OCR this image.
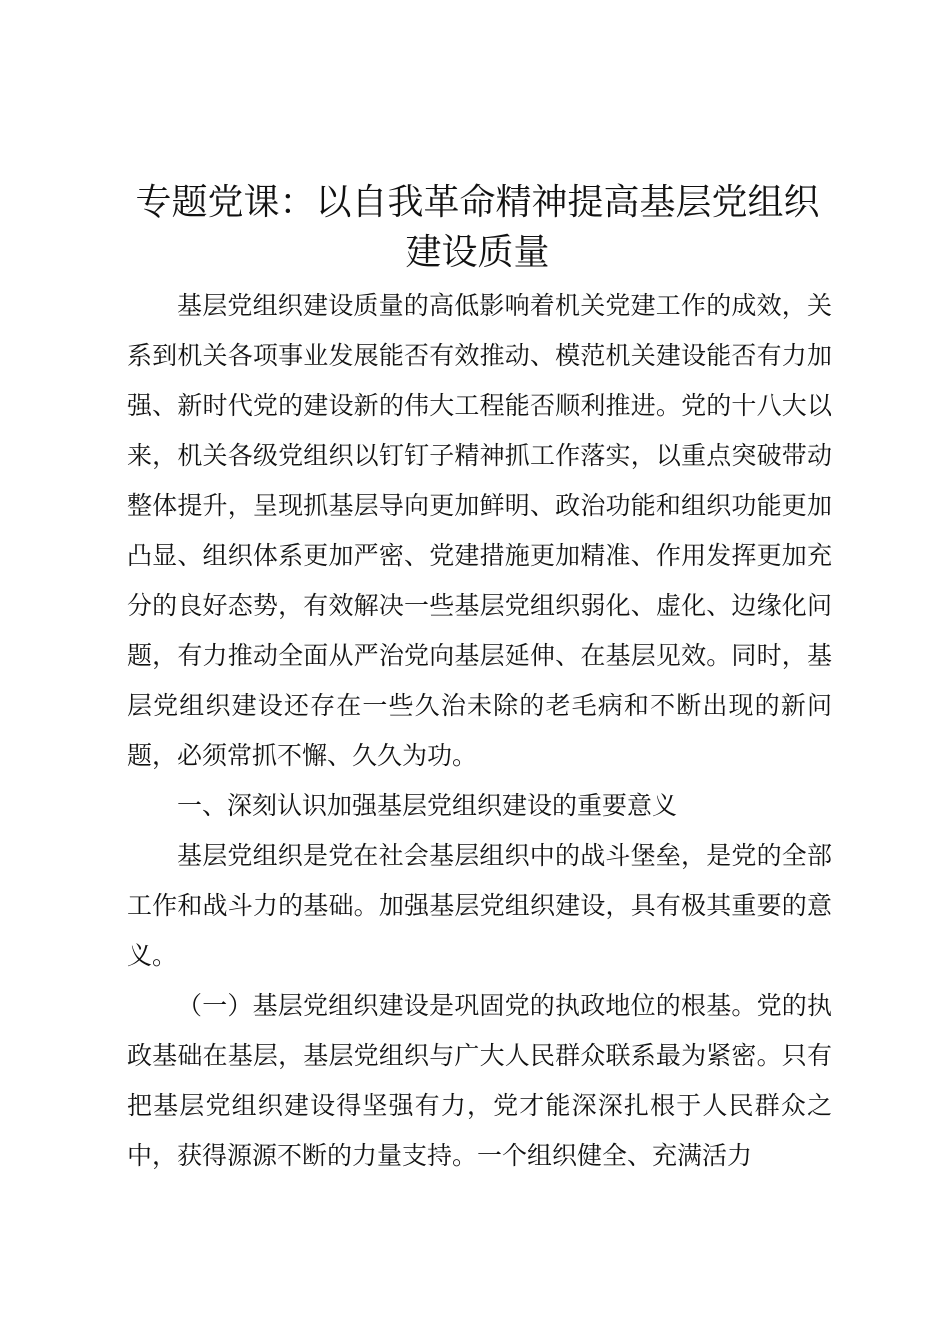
专题党课：以自我革命精神提高基层党组织建设质量

基层党组织建设质量的高低影响着机关党建工作的成效，关系到机关各项事业发展能否有效推动、模范机关建设能否有力加强、新时代党的建设新的伟大工程能否顺利推进。党的十八大以来，机关各级党组织以钉钉子精神抓工作落实，以重点突破带动整体提升，呈现抓基层导向更加鲜明、政治功能和组织功能更加凸显、组织体系更加严密、党建措施更加精准、作用发挥更加充分的良好态势，有效解决一些基层党组织弱化、虚化、边缘化问题，有力推动全面从严治党向基层延伸、在基层见效。同时，基层党组织建设还存在一些久治未除的老毛病和不断出现的新问题，必须常抓不懈、久久为功。

一、深刻认识加强基层党组织建设的重要意义

基层党组织是党在社会基层组织中的战斗堡垒，是党的全部工作和战斗力的基础。加强基层党组织建设，具有极其重要的意义。

（一）基层党组织建设是巩固党的执政地位的根基。党的执政基础在基层，基层党组织与广大人民群众联系最为紧密。只有把基层党组织建设得坚强有力，党才能深深扎根于人民群众之中，获得源源不断的力量支持。一个组织健全、充满活力
